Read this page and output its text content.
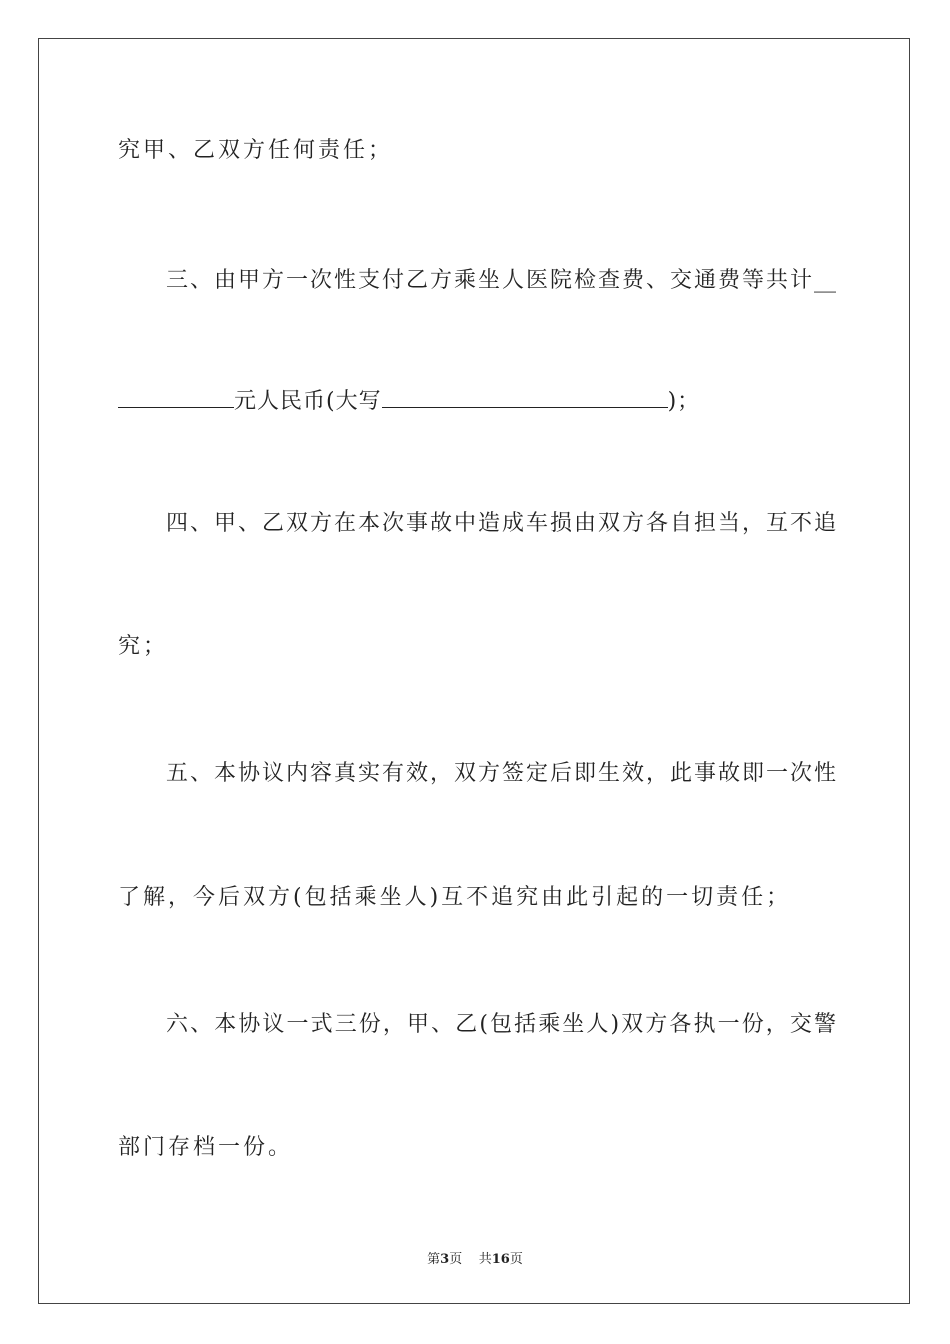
究甲、乙双方任何责任；
三、由甲方一次性支付乙方乘坐人医院检查费、交通费等共计__
元人民币(大写	)；
四、甲、乙双方在本次事故中造成车损由双方各自担当，互不追
究；
五、本协议内容真实有效，双方签定后即生效，此事故即一次性
了解，今后双方(包括乘坐人)互不追究由此引起的一切责任；
六、本协议一式三份，甲、乙(包括乘坐人)双方各执一份，交警
部门存档一份。
第3页 共16页
